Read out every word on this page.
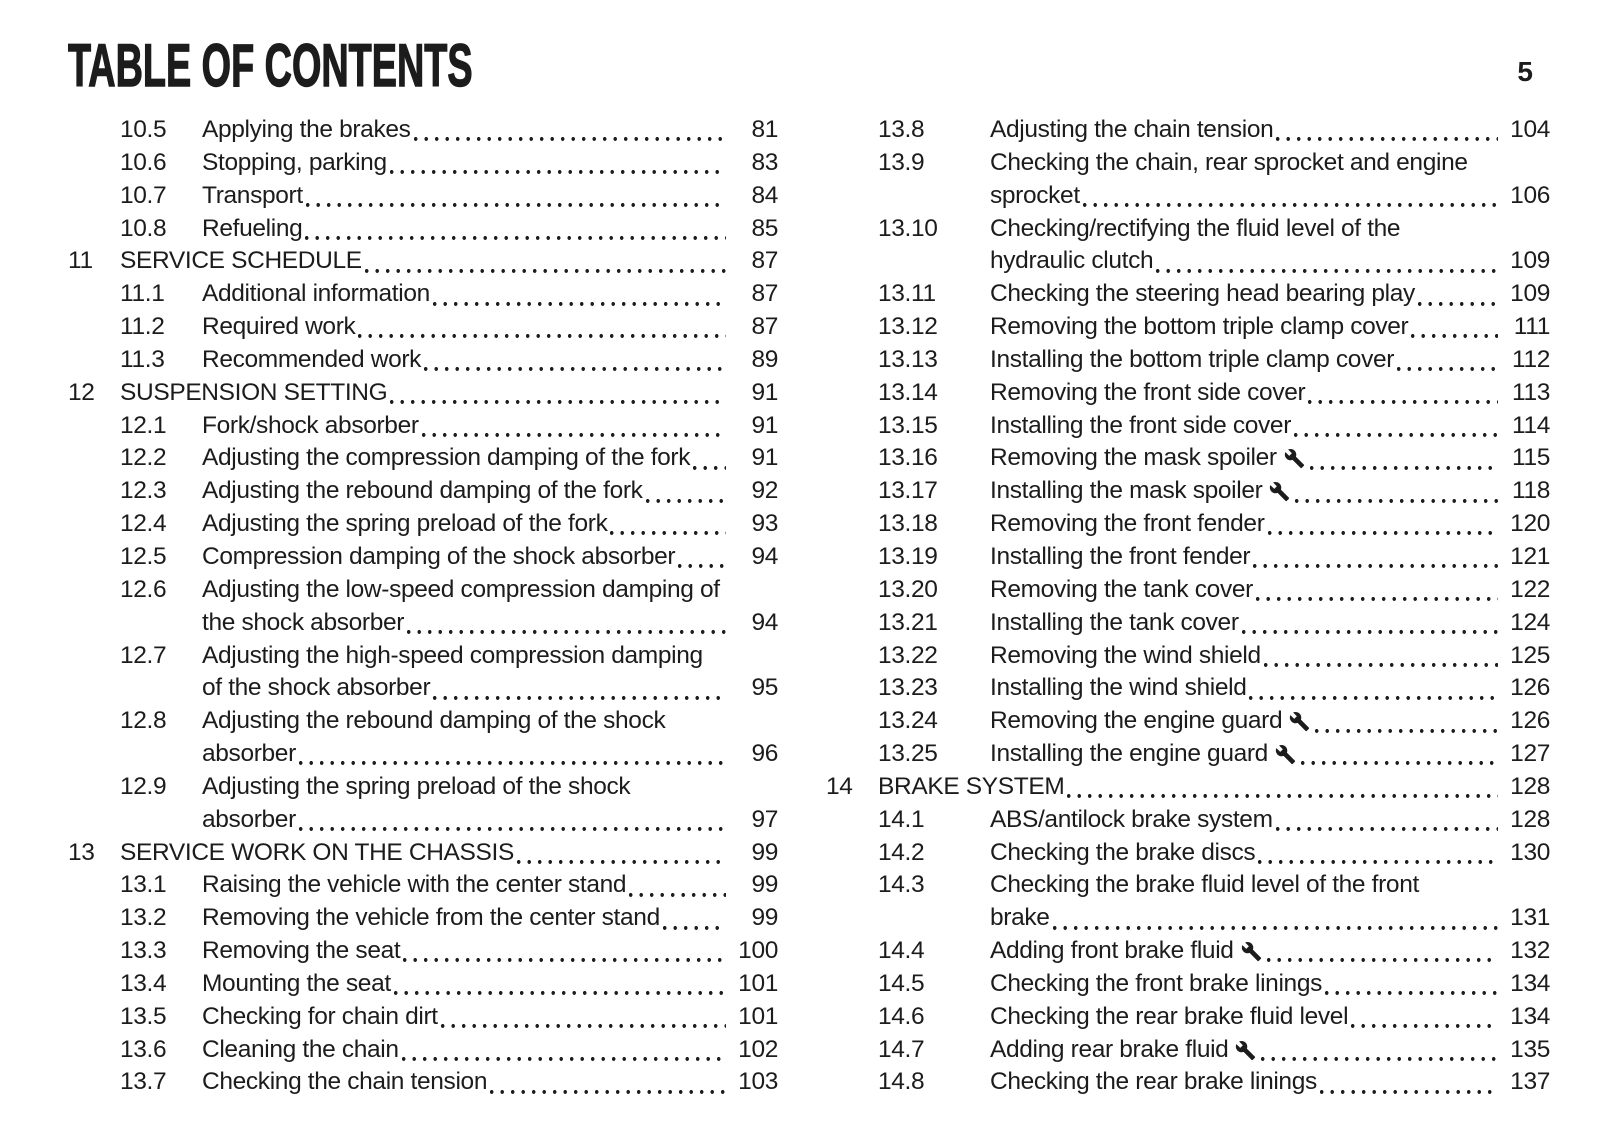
TABLE OF CONTENTS	5
10.5	Applying the brakes	81
10.6	Stopping, parking	83
10.7	Transport	84
10.8	Refueling	85
11	SERVICE SCHEDULE	87
11.1	Additional information	87
11.2	Required work	87
11.3	Recommended work	89
12	SUSPENSION SETTING	91
12.1	Fork/shock absorber	91
12.2	Adjusting the compression damping of the fork	91
12.3	Adjusting the rebound damping of the fork	92
12.4	Adjusting the spring preload of the fork	93
12.5	Compression damping of the shock absorber	94
12.6	Adjusting the low-speed compression damping of
the shock absorber	94
12.7	Adjusting the high-speed compression damping
of the shock absorber	95
12.8	Adjusting the rebound damping of the shock
absorber	96
12.9	Adjusting the spring preload of the shock
absorber	97
13	SERVICE WORK ON THE CHASSIS	99
13.1	Raising the vehicle with the center stand	99
13.2	Removing the vehicle from the center stand	99
13.3	Removing the seat	100
13.4	Mounting the seat	101
13.5	Checking for chain dirt	101
13.6	Cleaning the chain	102
13.7	Checking the chain tension	103
13.8	Adjusting the chain tension	104
13.9	Checking the chain, rear sprocket and engine
sprocket	106
13.10	Checking/rectifying the fluid level of the
hydraulic clutch	109
13.11	Checking the steering head bearing play	109
13.12	Removing the bottom triple clamp cover	111
13.13	Installing the bottom triple clamp cover	112
13.14	Removing the front side cover	113
13.15	Installing the front side cover	114
13.16	Removing the mask spoiler	115
13.17	Installing the mask spoiler	118
13.18	Removing the front fender	120
13.19	Installing the front fender	121
13.20	Removing the tank cover	122
13.21	Installing the tank cover	124
13.22	Removing the wind shield	125
13.23	Installing the wind shield	126
13.24	Removing the engine guard	126
13.25	Installing the engine guard	127
14	BRAKE SYSTEM	128
14.1	ABS/antilock brake system	128
14.2	Checking the brake discs	130
14.3	Checking the brake fluid level of the front
brake	131
14.4	Adding front brake fluid	132
14.5	Checking the front brake linings	134
14.6	Checking the rear brake fluid level	134
14.7	Adding rear brake fluid	135
14.8	Checking the rear brake linings	137
